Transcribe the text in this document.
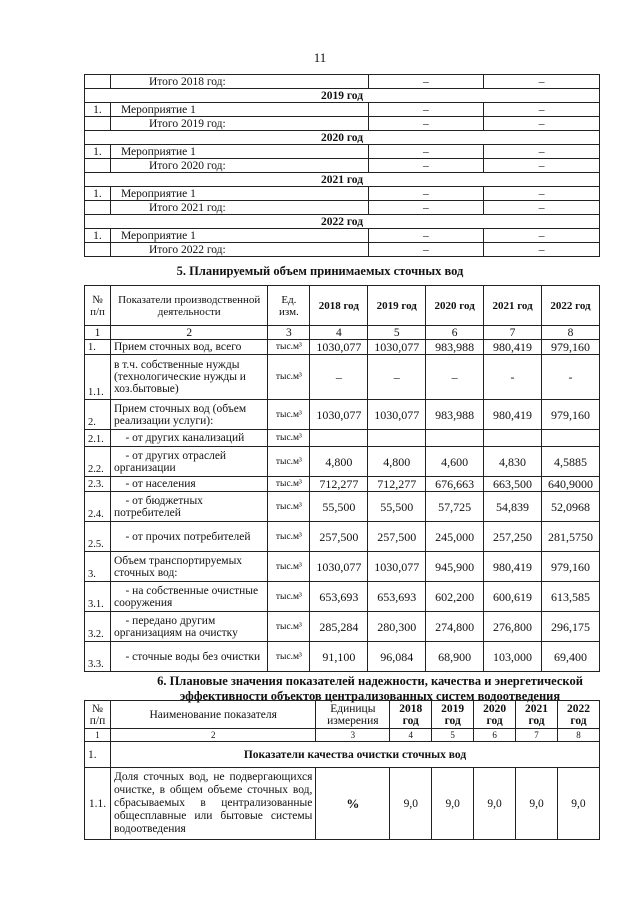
11
	Итого 2018 год:	–	–
2019 год			
1.	Мероприятие 1	–	–
	Итого 2019 год:	–	–
2020 год			
1.	Мероприятие 1	–	–
	Итого 2020 год:	–	–
2021 год			
1.	Мероприятие 1	–	–
	Итого 2021 год:	–	–
2022 год			
1.	Мероприятие 1	–	–
	Итого 2022 год:	–	–
5. Планируемый объем принимаемых сточных вод
№ п/п	Показатели производственной деятельности	Ед. изм.	2018 год	2019 год	2020 год	2021 год	2022 год
1	2	3	4	5	6	7	8
1.	Прием сточных вод, всего	тыс.м³	1030,077	1030,077	983,988	980,419	979,160
1.1.	в т.ч. собственные нужды (технологические нужды и хоз.бытовые)	тыс.м³	–	–	–	-	-
2.	Прием сточных вод (объем реализации услуги):	тыс.м³	1030,077	1030,077	983,988	980,419	979,160
2.1.	- от других канализаций	тыс.м³					
2.2.	- от других отраслей организации	тыс.м³	4,800	4,800	4,600	4,830	4,5885
2.3.	- от населения	тыс.м³	712,277	712,277	676,663	663,500	640,9000
2.4.	- от бюджетных потребителей	тыс.м³	55,500	55,500	57,725	54,839	52,0968
2.5.	- от прочих потребителей	тыс.м³	257,500	257,500	245,000	257,250	281,5750
3.	Объем транспортируемых сточных вод:	тыс.м³	1030,077	1030,077	945,900	980,419	979,160
3.1.	- на собственные очистные сооружения	тыс.м³	653,693	653,693	602,200	600,619	613,585
3.2.	- передано другим организациям на очистку	тыс.м³	285,284	280,300	274,800	276,800	296,175
3.3.	- сточные воды без очистки	тыс.м³	91,100	96,084	68,900	103,000	69,400
6. Плановые значения показателей надежности, качества и энергетической эффективности объектов централизованных систем водоотведения
№ п/п	Наименование показателя	Единицы измерения	2018 год	2019 год	2020 год	2021 год	2022 год
1	2	3	4	5	6	7	8
1.	Показатели качества очистки сточных вод						
1.1.	Доля сточных вод, не подвергающихся очистке, в общем объеме сточных вод, сбрасываемых в централизованные общесплавные или бытовые системы водоотведения	%	9,0	9,0	9,0	9,0	9,0
